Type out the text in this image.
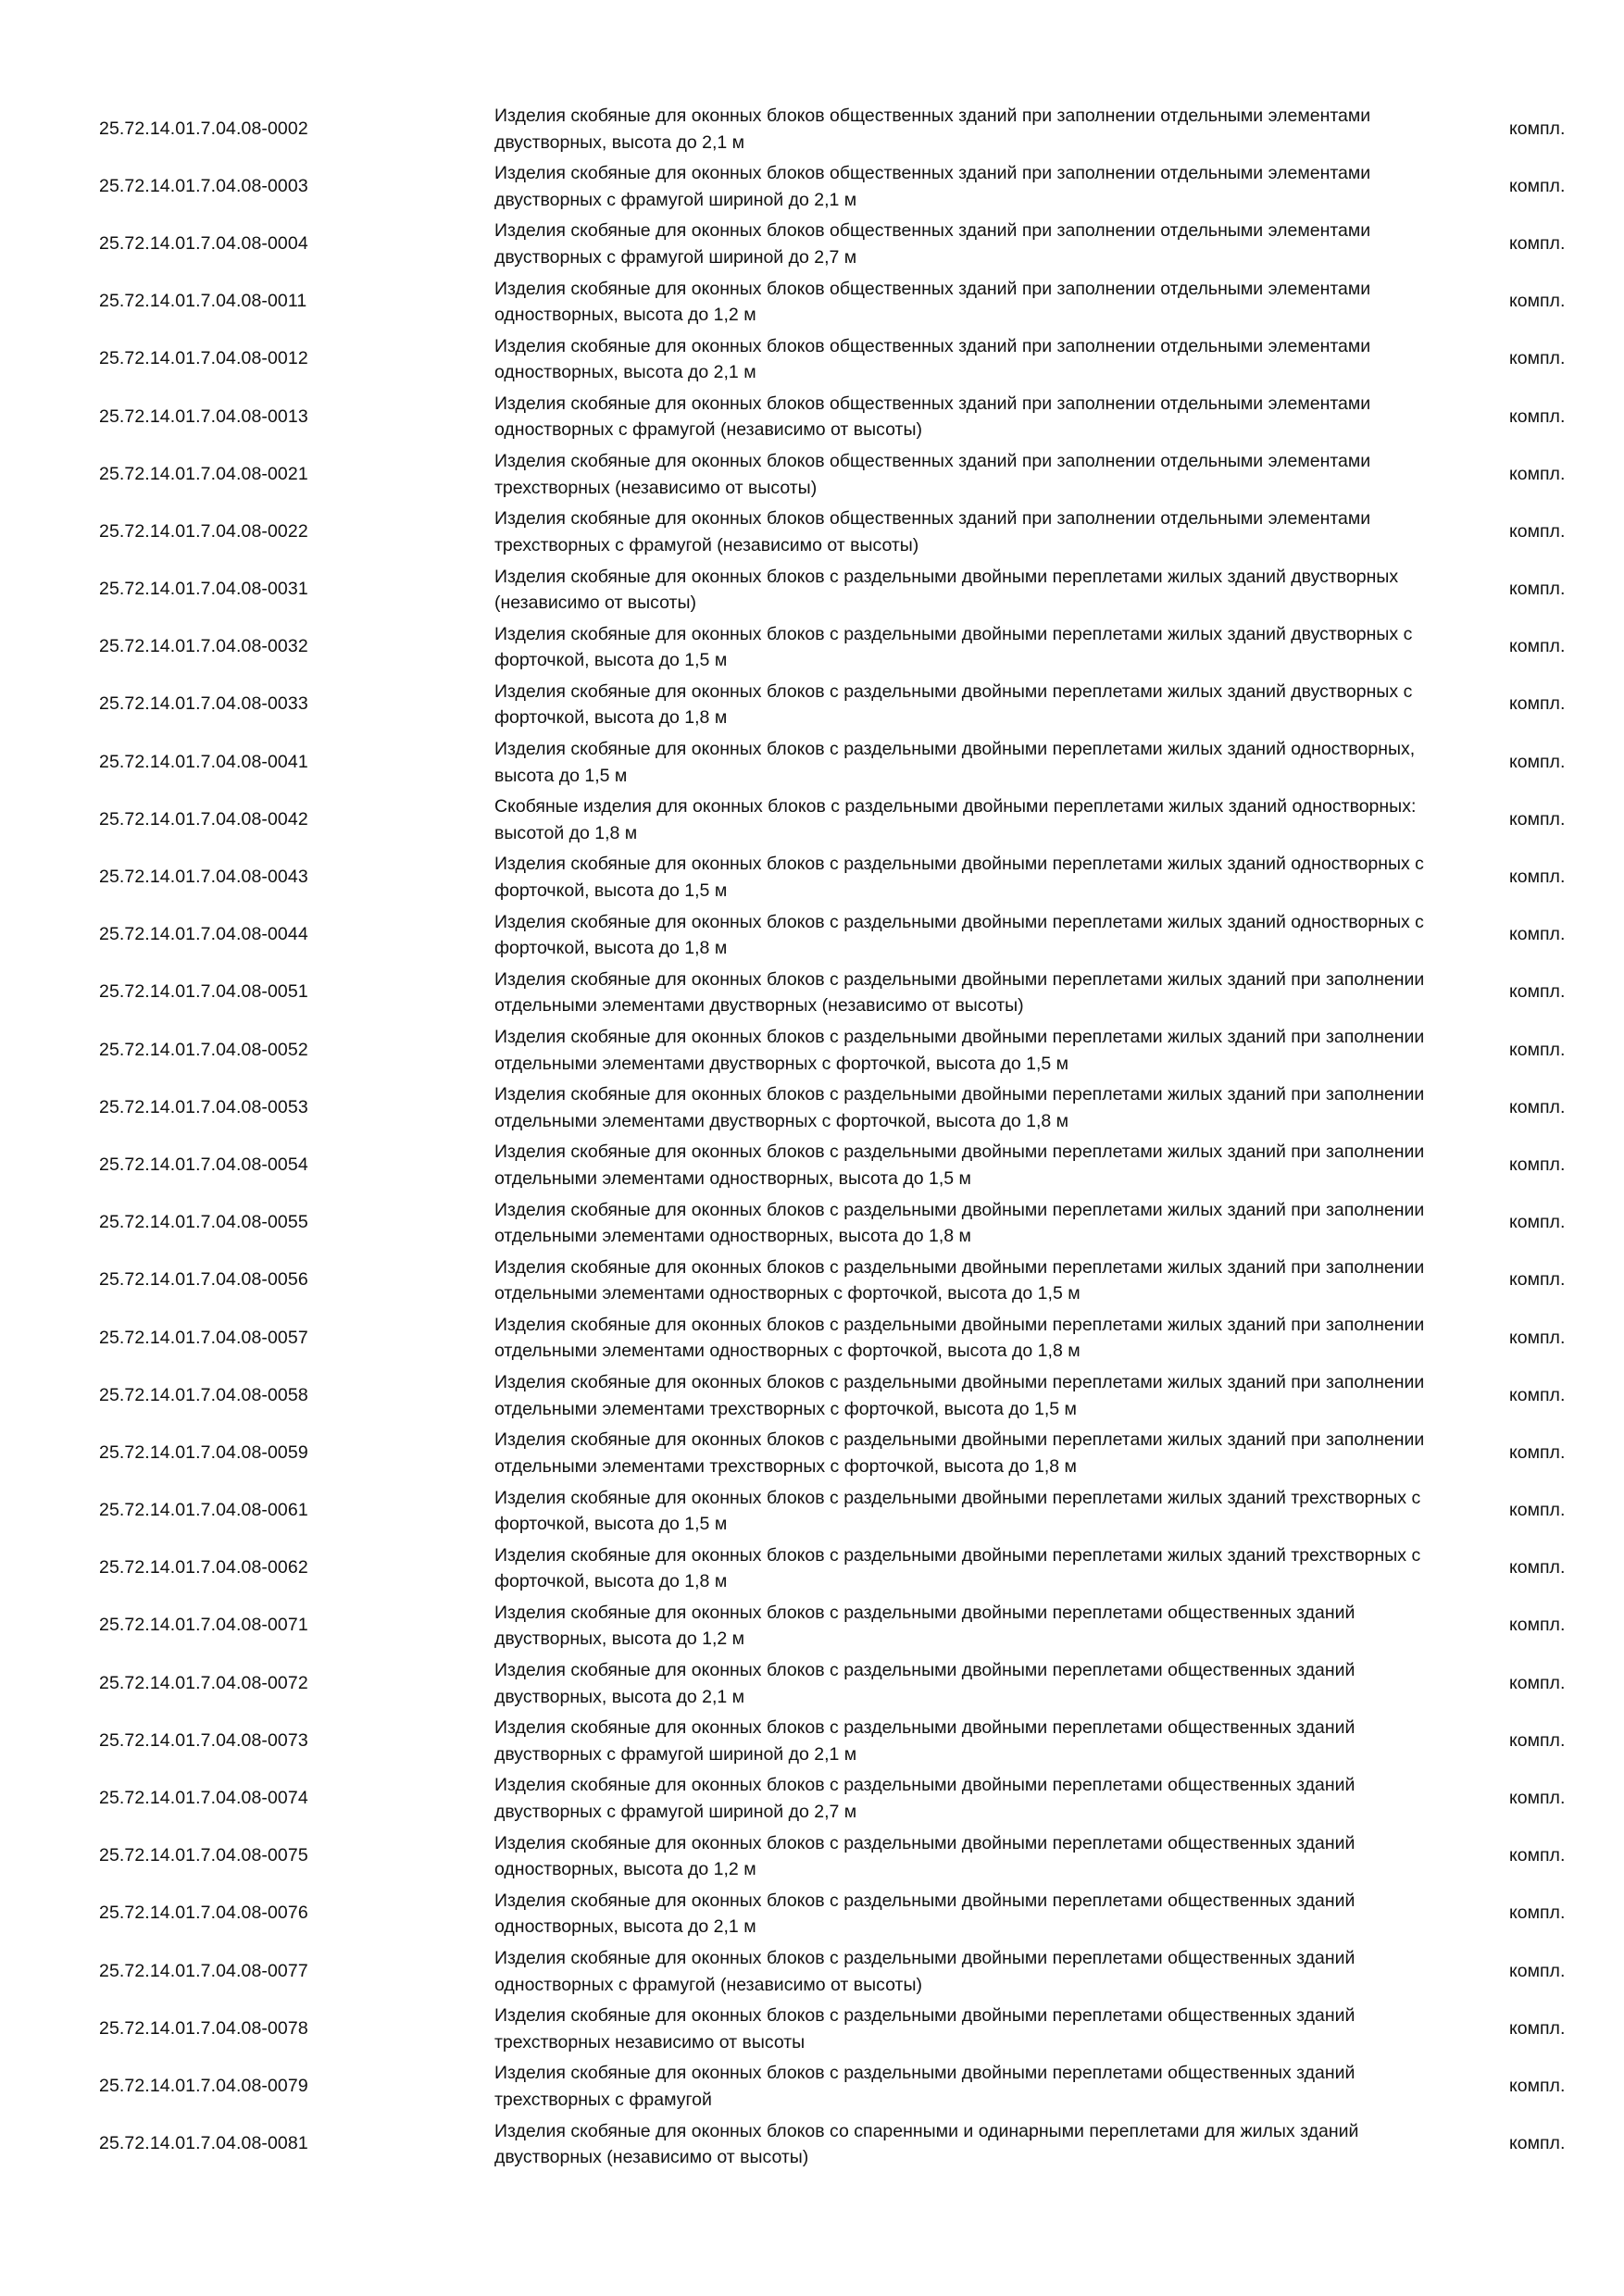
25.72.14.01.7.04.08-0002
Изделия скобяные для оконных блоков общественных зданий при заполнении отдельными элементами двустворных, высота до 2,1 м
компл.
25.72.14.01.7.04.08-0003
Изделия скобяные для оконных блоков общественных зданий при заполнении отдельными элементами двустворных с фрамугой шириной до 2,1 м
компл.
25.72.14.01.7.04.08-0004
Изделия скобяные для оконных блоков общественных зданий при заполнении отдельными элементами двустворных с фрамугой шириной до 2,7 м
компл.
25.72.14.01.7.04.08-0011
Изделия скобяные для оконных блоков общественных зданий при заполнении отдельными элементами одностворных, высота до 1,2 м
компл.
25.72.14.01.7.04.08-0012
Изделия скобяные для оконных блоков общественных зданий при заполнении отдельными элементами одностворных, высота до 2,1 м
компл.
25.72.14.01.7.04.08-0013
Изделия скобяные для оконных блоков общественных зданий при заполнении отдельными элементами одностворных с фрамугой (независимо от высоты)
компл.
25.72.14.01.7.04.08-0021
Изделия скобяные для оконных блоков общественных зданий при заполнении отдельными элементами трехстворных (независимо от высоты)
компл.
25.72.14.01.7.04.08-0022
Изделия скобяные для оконных блоков общественных зданий при заполнении отдельными элементами трехстворных с фрамугой (независимо от высоты)
компл.
25.72.14.01.7.04.08-0031
Изделия скобяные для оконных блоков с раздельными двойными переплетами жилых зданий двустворных (независимо от высоты)
компл.
25.72.14.01.7.04.08-0032
Изделия скобяные для оконных блоков с раздельными двойными переплетами жилых зданий двустворных с форточкой, высота до 1,5 м
компл.
25.72.14.01.7.04.08-0033
Изделия скобяные для оконных блоков с раздельными двойными переплетами жилых зданий двустворных с форточкой, высота до 1,8 м
компл.
25.72.14.01.7.04.08-0041
Изделия скобяные для оконных блоков с раздельными двойными переплетами жилых зданий одностворных, высота до 1,5 м
компл.
25.72.14.01.7.04.08-0042
Скобяные изделия для оконных блоков с раздельными двойными переплетами жилых зданий одностворных: высотой до 1,8 м
компл.
25.72.14.01.7.04.08-0043
Изделия скобяные для оконных блоков с раздельными двойными переплетами жилых зданий одностворных с форточкой, высота до 1,5 м
компл.
25.72.14.01.7.04.08-0044
Изделия скобяные для оконных блоков с раздельными двойными переплетами жилых зданий одностворных с форточкой, высота до 1,8 м
компл.
25.72.14.01.7.04.08-0051
Изделия скобяные для оконных блоков с раздельными двойными переплетами жилых зданий при заполнении отдельными элементами двустворных (независимо от высоты)
компл.
25.72.14.01.7.04.08-0052
Изделия скобяные для оконных блоков с раздельными двойными переплетами жилых зданий при заполнении отдельными элементами двустворных с форточкой, высота до 1,5 м
компл.
25.72.14.01.7.04.08-0053
Изделия скобяные для оконных блоков с раздельными двойными переплетами жилых зданий при заполнении отдельными элементами двустворных с форточкой, высота до 1,8 м
компл.
25.72.14.01.7.04.08-0054
Изделия скобяные для оконных блоков с раздельными двойными переплетами жилых зданий при заполнении отдельными элементами одностворных, высота до 1,5 м
компл.
25.72.14.01.7.04.08-0055
Изделия скобяные для оконных блоков с раздельными двойными переплетами жилых зданий при заполнении отдельными элементами одностворных, высота до 1,8 м
компл.
25.72.14.01.7.04.08-0056
Изделия скобяные для оконных блоков с раздельными двойными переплетами жилых зданий при заполнении отдельными элементами одностворных с форточкой, высота до 1,5 м
компл.
25.72.14.01.7.04.08-0057
Изделия скобяные для оконных блоков с раздельными двойными переплетами жилых зданий при заполнении отдельными элементами одностворных с форточкой, высота до 1,8 м
компл.
25.72.14.01.7.04.08-0058
Изделия скобяные для оконных блоков с раздельными двойными переплетами жилых зданий при заполнении отдельными элементами трехстворных с форточкой, высота до 1,5 м
компл.
25.72.14.01.7.04.08-0059
Изделия скобяные для оконных блоков с раздельными двойными переплетами жилых зданий при заполнении отдельными элементами трехстворных с форточкой, высота до 1,8 м
компл.
25.72.14.01.7.04.08-0061
Изделия скобяные для оконных блоков с раздельными двойными переплетами жилых зданий трехстворных с форточкой, высота до 1,5 м
компл.
25.72.14.01.7.04.08-0062
Изделия скобяные для оконных блоков с раздельными двойными переплетами жилых зданий трехстворных с форточкой, высота до 1,8 м
компл.
25.72.14.01.7.04.08-0071
Изделия скобяные для оконных блоков с раздельными двойными переплетами общественных зданий двустворных, высота до 1,2 м
компл.
25.72.14.01.7.04.08-0072
Изделия скобяные для оконных блоков с раздельными двойными переплетами общественных зданий двустворных, высота до 2,1 м
компл.
25.72.14.01.7.04.08-0073
Изделия скобяные для оконных блоков с раздельными двойными переплетами общественных зданий двустворных с фрамугой шириной до 2,1 м
компл.
25.72.14.01.7.04.08-0074
Изделия скобяные для оконных блоков с раздельными двойными переплетами общественных зданий двустворных с фрамугой шириной до 2,7 м
компл.
25.72.14.01.7.04.08-0075
Изделия скобяные для оконных блоков с раздельными двойными переплетами общественных зданий одностворных, высота до 1,2 м
компл.
25.72.14.01.7.04.08-0076
Изделия скобяные для оконных блоков с раздельными двойными переплетами общественных зданий одностворных, высота до 2,1 м
компл.
25.72.14.01.7.04.08-0077
Изделия скобяные для оконных блоков с раздельными двойными переплетами общественных зданий одностворных с фрамугой (независимо от высоты)
компл.
25.72.14.01.7.04.08-0078
Изделия скобяные для оконных блоков с раздельными двойными переплетами общественных зданий трехстворных независимо от высоты
компл.
25.72.14.01.7.04.08-0079
Изделия скобяные для оконных блоков с раздельными двойными переплетами общественных зданий трехстворных с фрамугой
компл.
25.72.14.01.7.04.08-0081
Изделия скобяные для оконных блоков со спаренными и одинарными переплетами для жилых зданий двустворных (независимо от высоты)
компл.
